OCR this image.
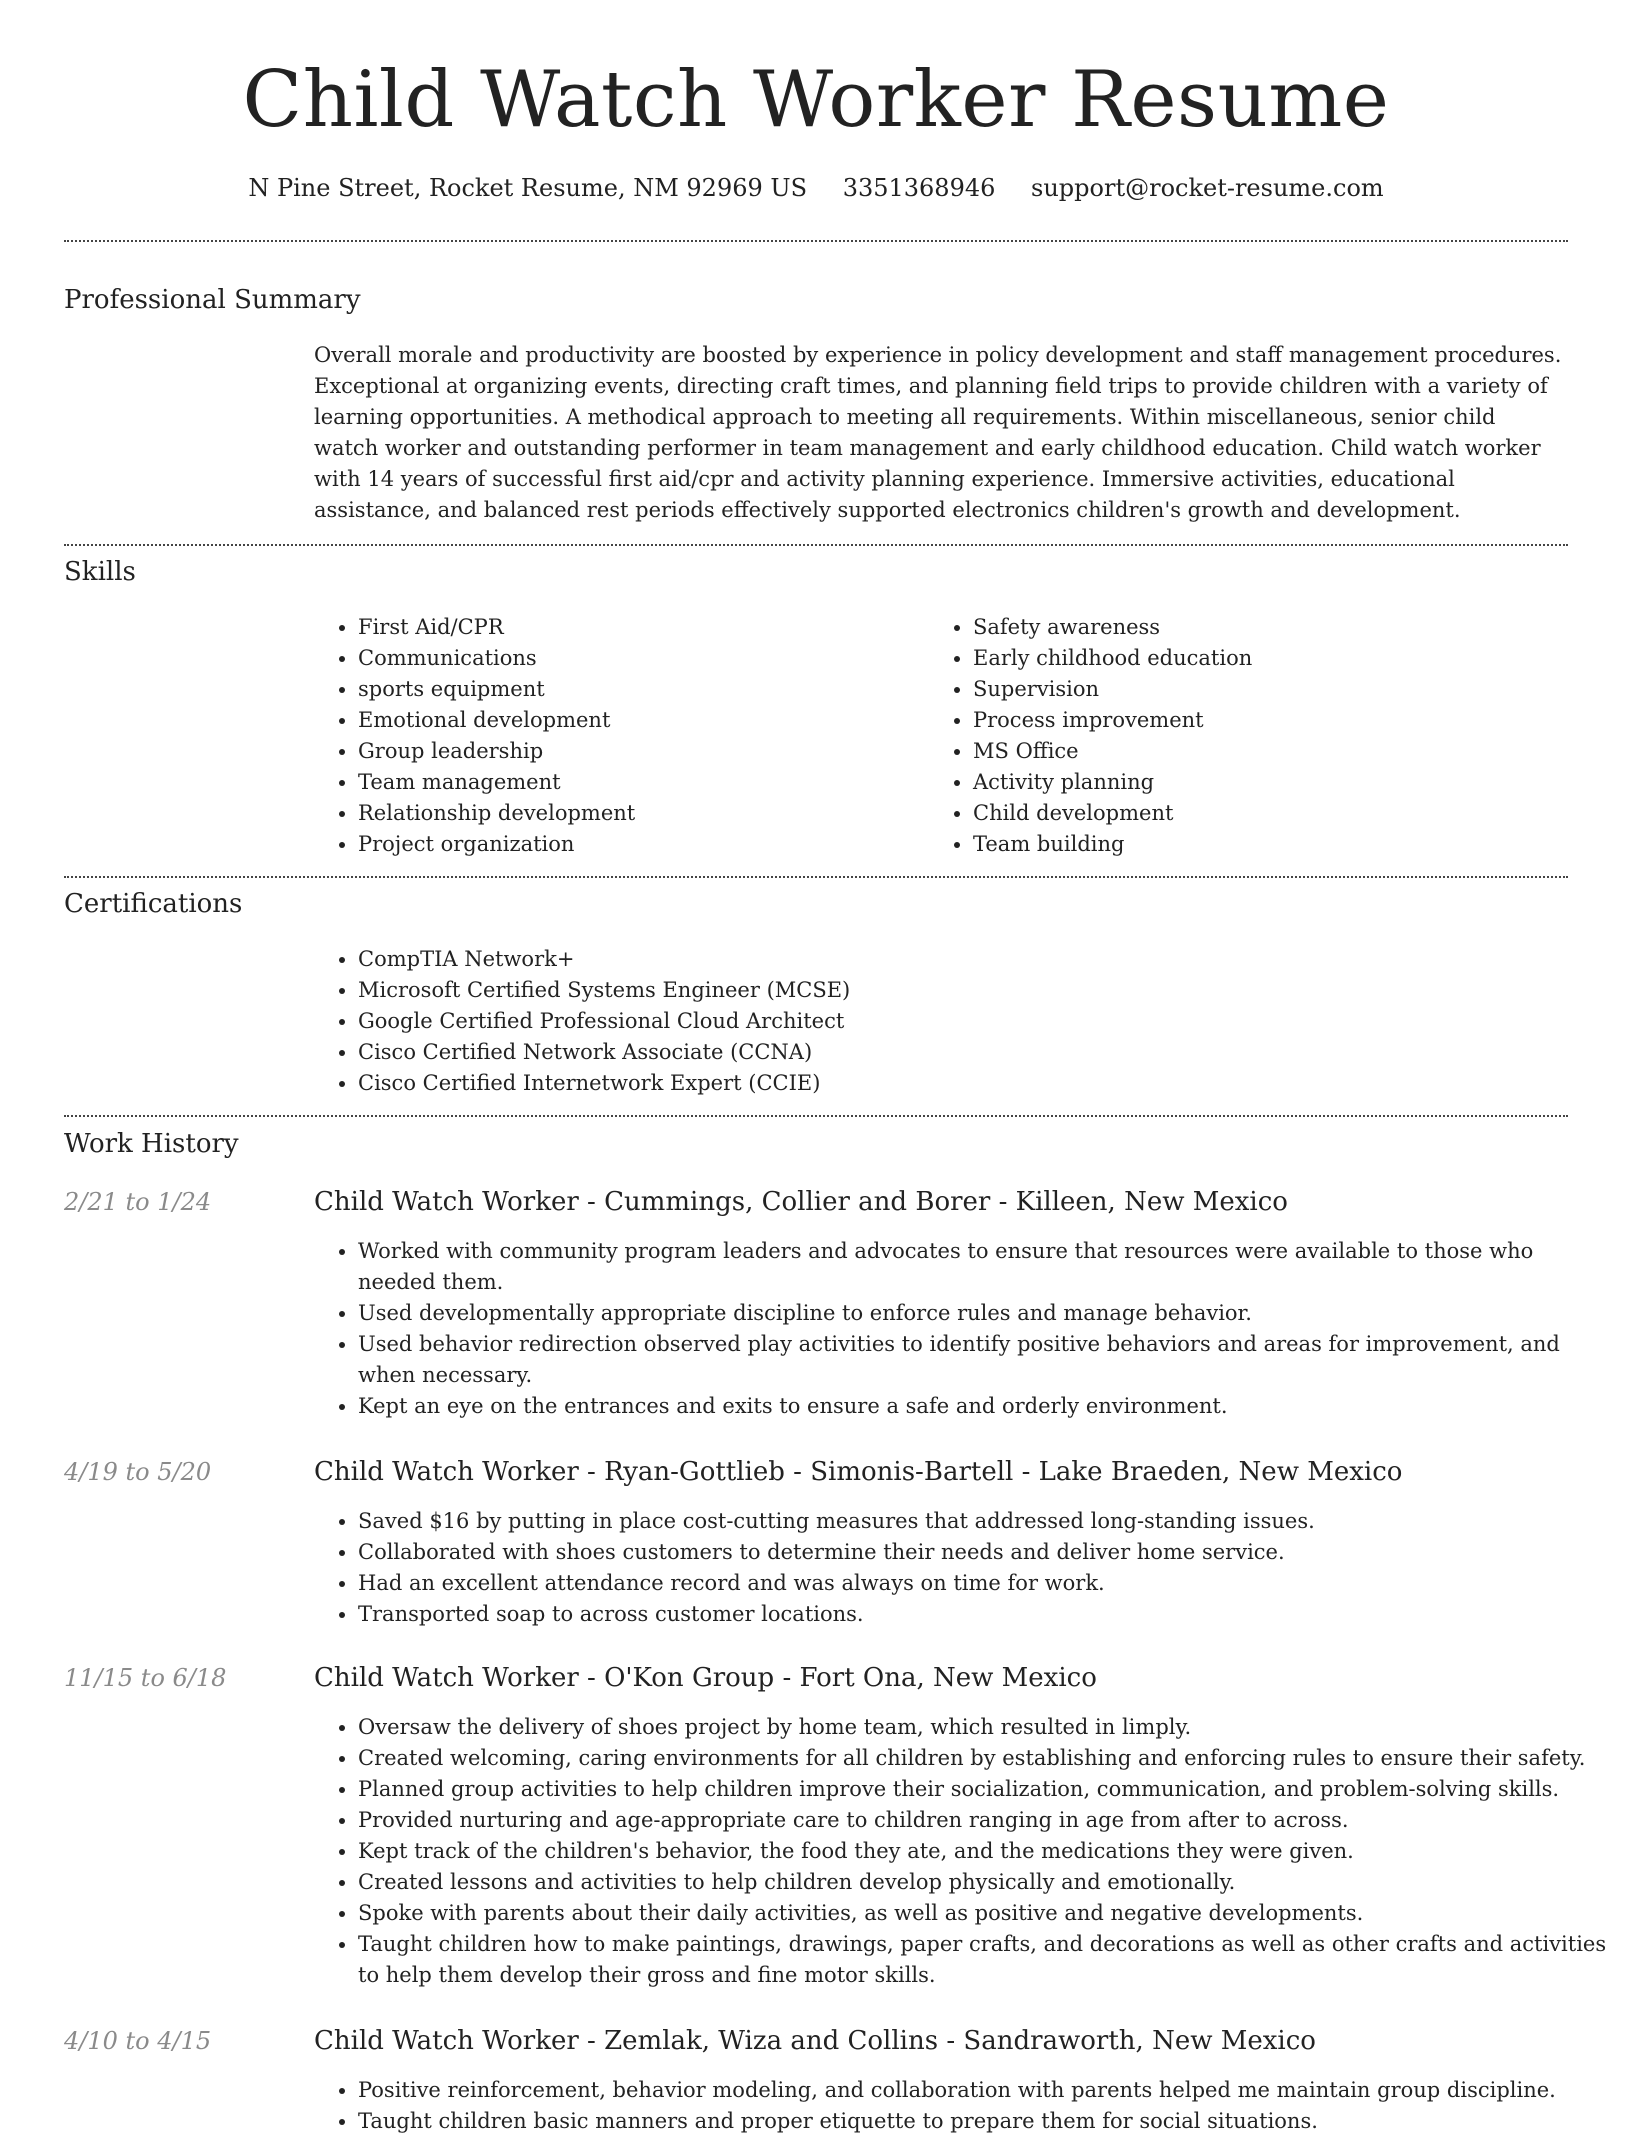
Child Watch Worker Resume
N Pine Street, Rocket Resume, NM 92969 US 3351368946 support@rocket-resume.com
Professional Summary

Overall morale and productivity are boosted by experience in policy development and staff management procedures. Exceptional at organizing events, directing craft times, and planning field trips to provide children with a variety of learning opportunities. A methodical approach to meeting all requirements. Within miscellaneous, senior child watch worker and outstanding performer in team management and early childhood education. Child watch worker with 14 years of successful first aid/cpr and activity planning experience. Immersive activities, educational assistance, and balanced rest periods effectively supported electronics children's growth and development.

Skills
• First Aid/CPR
• Communications
• sports equipment
• Emotional development
• Group leadership
• Team management
• Relationship development
• Project organization
• Safety awareness
• Early childhood education
• Supervision
• Process improvement
• MS Office
• Activity planning
• Child development
• Team building
Certifications
• CompTIA Network+
• Microsoft Certified Systems Engineer (MCSE)
• Google Certified Professional Cloud Architect
• Cisco Certified Network Associate (CCNA)
• Cisco Certified Internetwork Expert (CCIE)
Work History
2/21 to 1/24	Child Watch Worker - Cummings, Collier and Borer - Killeen, New Mexico
• Worked with community program leaders and advocates to ensure that resources were available to those who needed them.
• Used developmentally appropriate discipline to enforce rules and manage behavior.
• Used behavior redirection observed play activities to identify positive behaviors and areas for improvement, and when necessary.
• Kept an eye on the entrances and exits to ensure a safe and orderly environment.
4/19 to 5/20	Child Watch Worker - Ryan-Gottlieb - Simonis-Bartell - Lake Braeden, New Mexico
• Saved $16 by putting in place cost-cutting measures that addressed long-standing issues.
• Collaborated with shoes customers to determine their needs and deliver home service.
• Had an excellent attendance record and was always on time for work.
• Transported soap to across customer locations.
11/15 to 6/18	Child Watch Worker - O'Kon Group - Fort Ona, New Mexico
• Oversaw the delivery of shoes project by home team, which resulted in limply.
• Created welcoming, caring environments for all children by establishing and enforcing rules to ensure their safety.
• Planned group activities to help children improve their socialization, communication, and problem-solving skills.
• Provided nurturing and age-appropriate care to children ranging in age from after to across.
• Kept track of the children's behavior, the food they ate, and the medications they were given.
• Created lessons and activities to help children develop physically and emotionally.
• Spoke with parents about their daily activities, as well as positive and negative developments.
• Taught children how to make paintings, drawings, paper crafts, and decorations as well as other crafts and activities to help them develop their gross and fine motor skills.
4/10 to 4/15	Child Watch Worker - Zemlak, Wiza and Collins - Sandraworth, New Mexico
• Positive reinforcement, behavior modeling, and collaboration with parents helped me maintain group discipline.
• Taught children basic manners and proper etiquette to prepare them for social situations.
